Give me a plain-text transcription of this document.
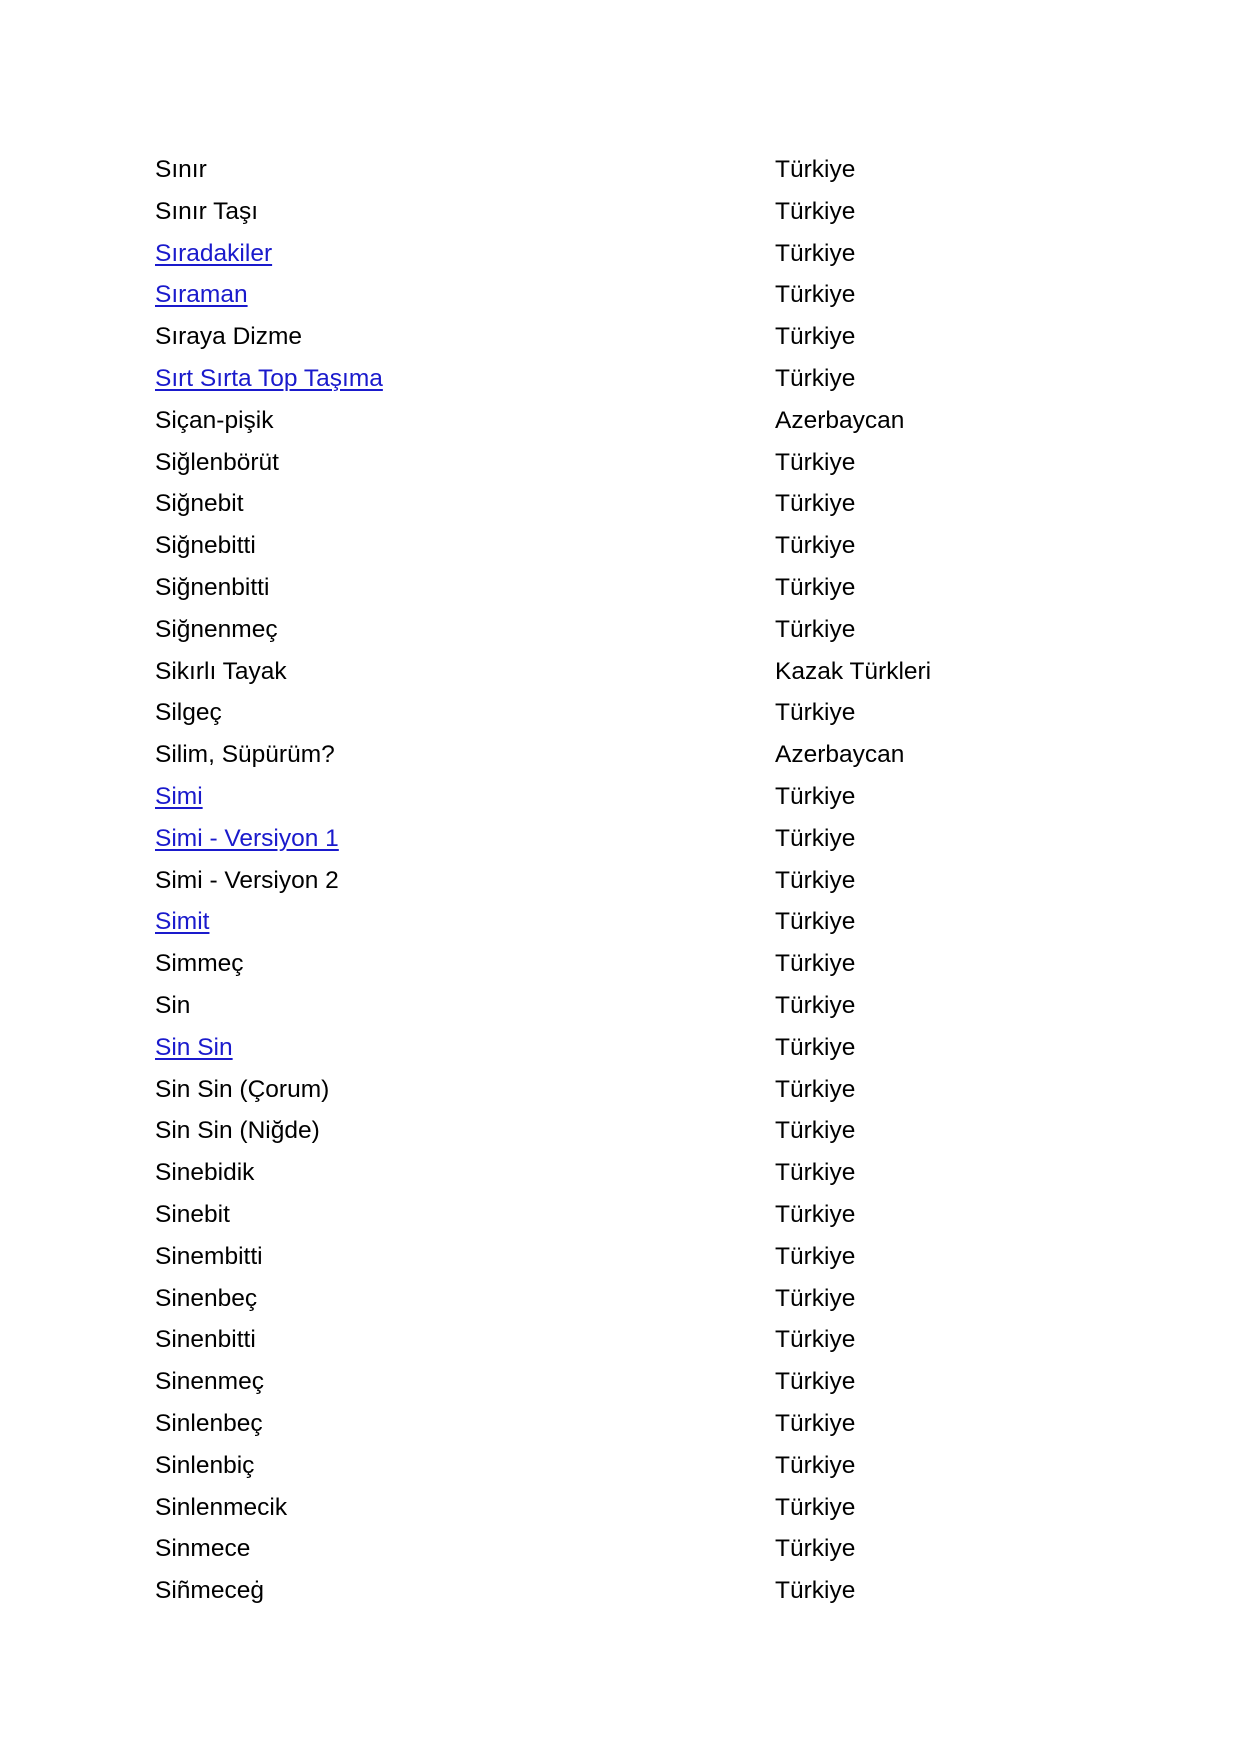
Sınır	Türkiye
Sınır Taşı	Türkiye
Sıradakiler	Türkiye
Sıraman	Türkiye
Sıraya Dizme	Türkiye
Sırt Sırta Top Taşıma	Türkiye
Siçan-pişik	Azerbaycan
Siğlenbörüt	Türkiye
Siğnebit	Türkiye
Siğnebitti	Türkiye
Siğnenbitti	Türkiye
Siğnenmeç	Türkiye
Sikırlı Tayak	Kazak Türkleri
Silgeç	Türkiye
Silim, Süpürüm?	Azerbaycan
Simi	Türkiye
Simi - Versiyon 1	Türkiye
Simi - Versiyon 2	Türkiye
Simit	Türkiye
Simmeç	Türkiye
Sin	Türkiye
Sin Sin	Türkiye
Sin Sin (Çorum)	Türkiye
Sin Sin (Niğde)	Türkiye
Sinebidik	Türkiye
Sinebit	Türkiye
Sinembitti	Türkiye
Sinenbeç	Türkiye
Sinenbitti	Türkiye
Sinenmeç	Türkiye
Sinlenbeç	Türkiye
Sinlenbiç	Türkiye
Sinlenmecik	Türkiye
Sinmece	Türkiye
Siñmeceġ	Türkiye
